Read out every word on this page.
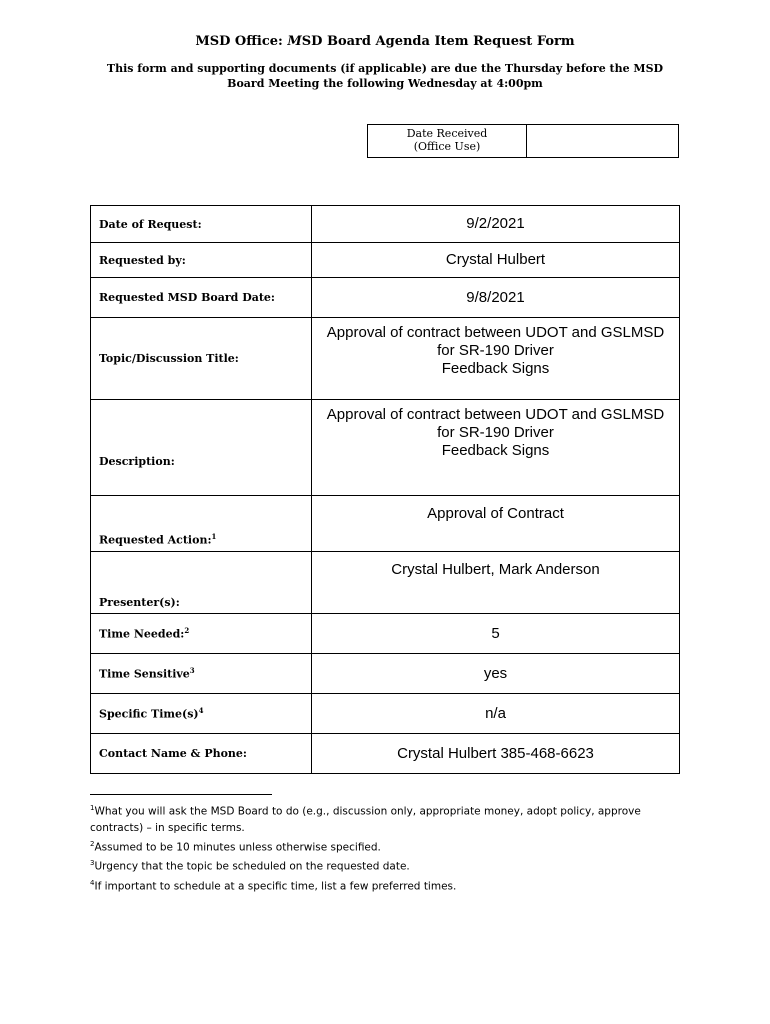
MSD Office: MSD Board Agenda Item Request Form
This form and supporting documents (if applicable) are due the Thursday before the MSD Board Meeting the following Wednesday at 4:00pm
Date Received
(Office Use)
Date of Request:	9/2/2021
Requested by:	Crystal Hulbert
Requested MSD Board Date:	9/8/2021
Topic/Discussion Title:	Approval of contract between UDOT and GSLMSD
for SR-190 Driver
Feedback Signs

Description:	Approval of contract between UDOT and GSLMSD
for SR-190 Driver
Feedback Signs

Requested Action:$^1$	Approval of Contract
Presenter(s):	Crystal Hulbert, Mark Anderson
Time Needed:$^2$	5
Time Sensitive$^3$	yes
Specific $Time(s)^4$	n/a
Contact Name & Phone:	Crystal Hulbert 385-468-6623

$^1$What you will ask the MSD Board to do (e.g., discussion only, appropriate money, adopt policy, approve contracts) – in specific terms.

$^2$Assumed to be 10 minutes unless otherwise specified.

$^3$Urgency that the topic be scheduled on the requested date.

$^4$If important to schedule at a specific time, list a few preferred times.
